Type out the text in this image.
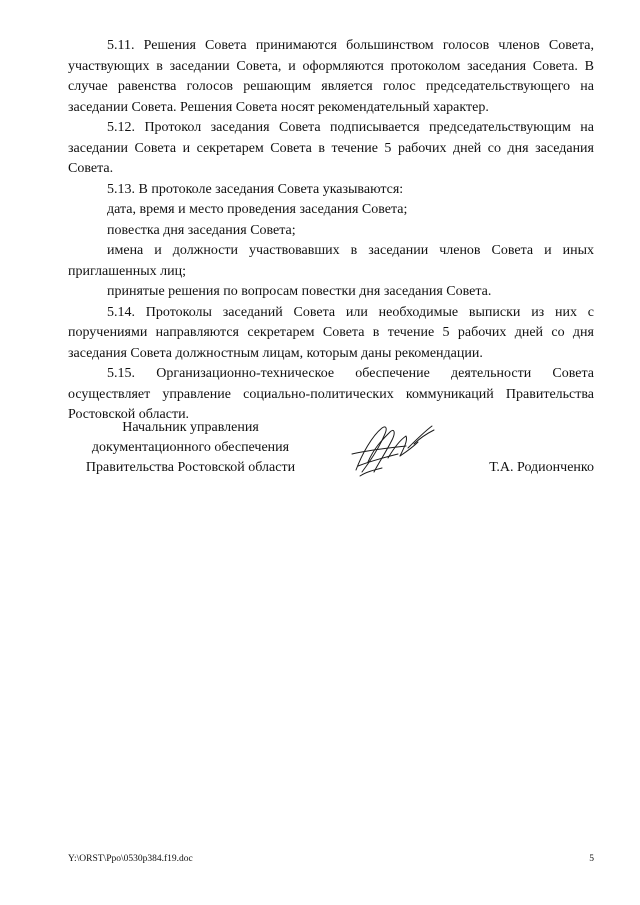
5.11. Решения Совета принимаются большинством голосов членов Совета, участвующих в заседании Совета, и оформляются протоколом заседания Совета. В случае равенства голосов решающим является голос председательствующего на заседании Совета. Решения Совета носят рекомендательный характер.

5.12. Протокол заседания Совета подписывается председательствующим на заседании Совета и секретарем Совета в течение 5 рабочих дней со дня заседания Совета.

5.13. В протоколе заседания Совета указываются:

дата, время и место проведения заседания Совета;

повестка дня заседания Совета;

имена и должности участвовавших в заседании членов Совета и иных приглашенных лиц;

принятые решения по вопросам повестки дня заседания Совета.

5.14. Протоколы заседаний Совета или необходимые выписки из них с поручениями направляются секретарем Совета в течение 5 рабочих дней со дня заседания Совета должностным лицам, которым даны рекомендации.

5.15. Организационно-техническое обеспечение деятельности Совета осуществляет управление социально-политических коммуникаций Правительства Ростовской области.

Начальник управления
документационного обеспечения
Правительства Ростовской области	Т.А. Родионченко
Y:\ORST\Ppo\0530p384.f19.doc	5
